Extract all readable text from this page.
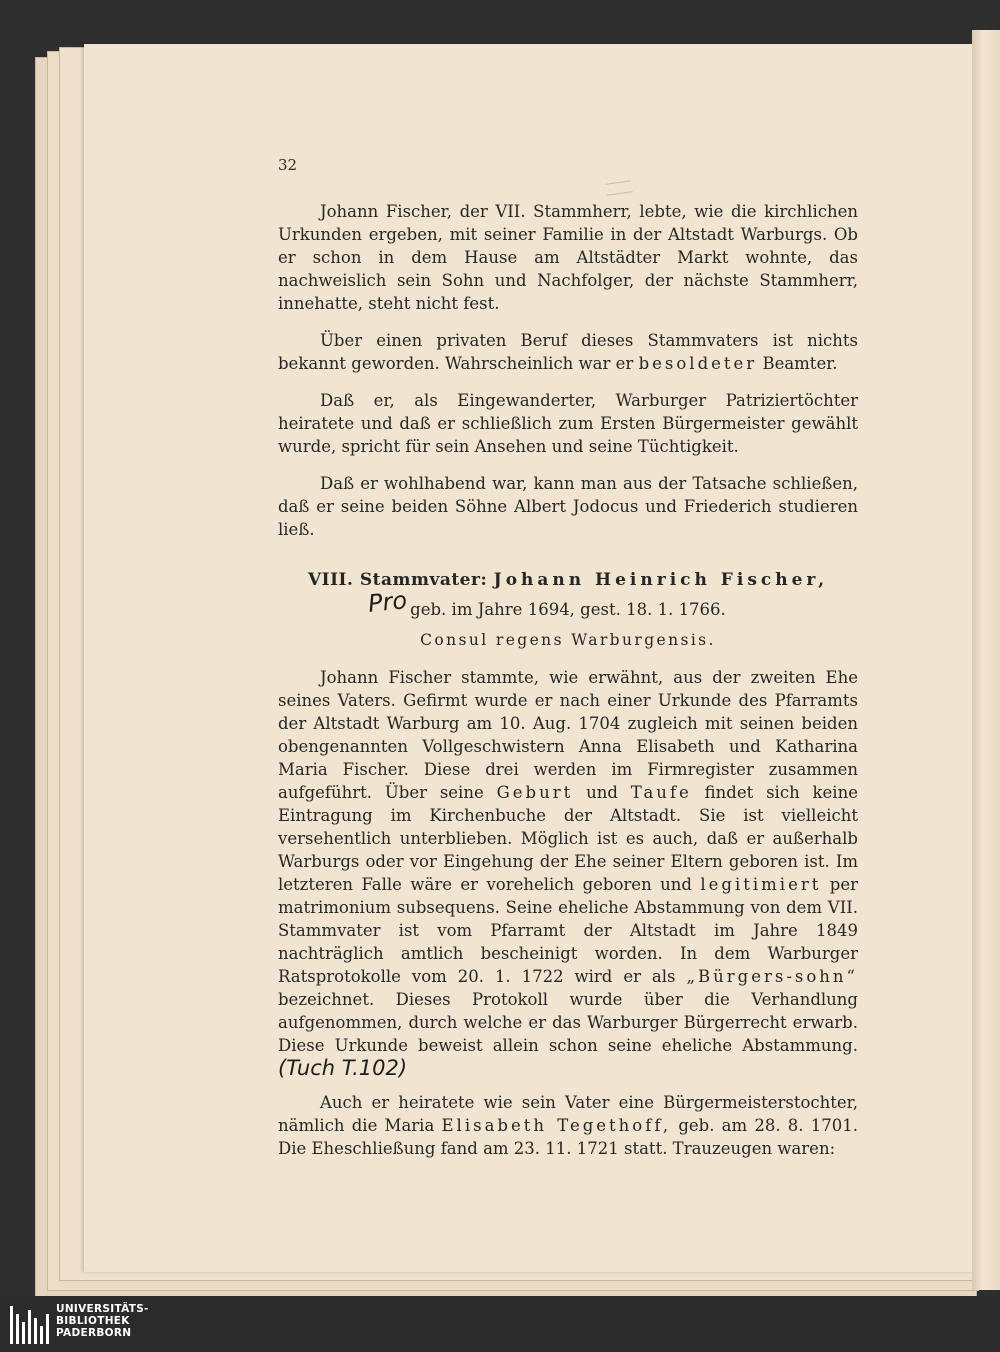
32

Johann Fischer, der VII. Stammherr, lebte, wie die kirchlichen Urkunden ergeben, mit seiner Familie in der Altstadt Warburgs. Ob er schon in dem Hause am Altstädter Markt wohnte, das nachweislich sein Sohn und Nachfolger, der nächste Stammherr, innehatte, steht nicht fest.

Über einen privaten Beruf dieses Stammvaters ist nichts bekannt geworden. Wahrscheinlich war er besoldeter Beamter.

Daß er, als Eingewanderter, Warburger Patriziertöchter heiratete und daß er schließlich zum Ersten Bürgermeister gewählt wurde, spricht für sein Ansehen und seine Tüchtigkeit.

Daß er wohlhabend war, kann man aus der Tatsache schließen, daß er seine beiden Söhne Albert Jodocus und Friederich studieren ließ.

VIII. Stammvater: Johann Heinrich Fischer,
geb. im Jahre 1694, gest. 18. 1. 1766.
Consul regens Warburgensis.

Johann Fischer stammte, wie erwähnt, aus der zweiten Ehe seines Vaters. Gefirmt wurde er nach einer Urkunde des Pfarramts der Altstadt Warburg am 10. Aug. 1704 zugleich mit seinen beiden obengenannten Vollgeschwistern Anna Elisabeth und Katharina Maria Fischer. Diese drei werden im Firmregister zusammen aufgeführt. Über seine Geburt und Taufe findet sich keine Eintragung im Kirchenbuche der Altstadt. Sie ist vielleicht versehentlich unterblieben. Möglich ist es auch, daß er außerhalb Warburgs oder vor Eingehung der Ehe seiner Eltern geboren ist. Im letzteren Falle wäre er vorehelich geboren und legitimiert per matrimonium subsequens. Seine eheliche Abstammung von dem VII. Stammvater ist vom Pfarramt der Altstadt im Jahre 1849 nachträglich amtlich bescheinigt worden. In dem Warburger Ratsprotokolle vom 20. 1. 1722 wird er als „Bürgers-sohn“ bezeichnet. Dieses Protokoll wurde über die Verhandlung aufgenommen, durch welche er das Warburger Bürgerrecht erwarb. Diese Urkunde beweist allein schon seine eheliche Abstammung.(Tuch T.102)

Auch er heiratete wie sein Vater eine Bürgermeisterstochter, nämlich die Maria Elisabeth Tegethoff, geb. am 28. 8. 1701. Die Eheschließung fand am 23. 11. 1721 statt. Trauzeugen waren:

Pro
UNIVERSITÄTS-
BIBLIOTHEK
PADERBORN
